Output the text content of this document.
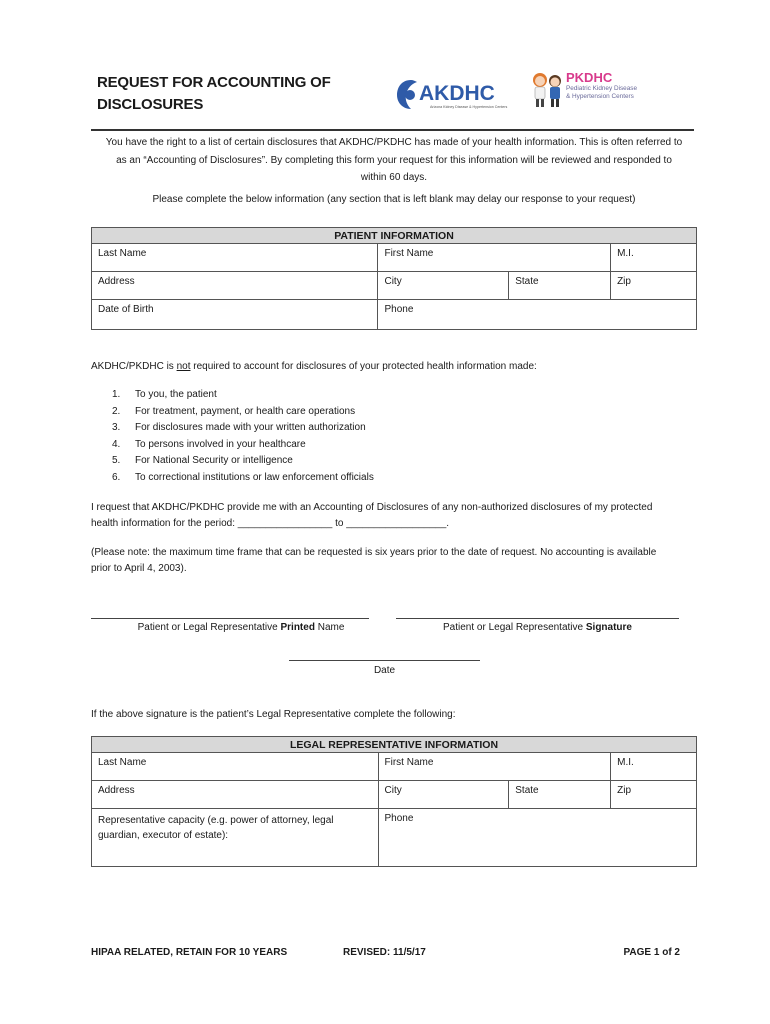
REQUEST FOR ACCOUNTING OF
DISCLOSURES	AKDHC
Arizona Kidney Disease & Hypertension Centers
PKDHC
Pediatric Kidney Disease & Hypertension Centers
You have the right to a list of certain disclosures that AKDHC/PKDHC has made of your health information. This is often referred to
as an “Accounting of Disclosures”. By completing this form your request for this information will be reviewed and responded to
within 60 days.
Please complete the below information (any section that is left blank may delay our response to your request)
PATIENT INFORMATION			
Last Name	First Name		M.I.
Address	City	State	Zip
Date of Birth	Phone		
AKDHC/PKDHC is not required to account for disclosures of your protected health information made:
1.	To you, the patient
2.	For treatment, payment, or health care operations
3.	For disclosures made with your written authorization
4.	To persons involved in your healthcare
5.	For National Security or intelligence
6.	To correctional institutions or law enforcement officials
I request that AKDHC/PKDHC provide me with an Accounting of Disclosures of any non-authorized disclosures of my protected
health information for the period: _________________ to __________________.
(Please note: the maximum time frame that can be requested is six years prior to the date of request. No accounting is available
prior to April 4, 2003).
Patient or Legal Representative Printed Name	Patient or Legal Representative Signature
Date
If the above signature is the patient’s Legal Representative complete the following:
LEGAL REPRESENTATIVE INFORMATION			
Last Name	First Name		M.I.
Address	City	State	Zip

Representative capacity (e.g. power of attorney, legal
guardian, executor of estate):	Phone		
HIPAA RELATED, RETAIN FOR 10 YEARS	REVISED: 11/5/17	PAGE 1 of 2
